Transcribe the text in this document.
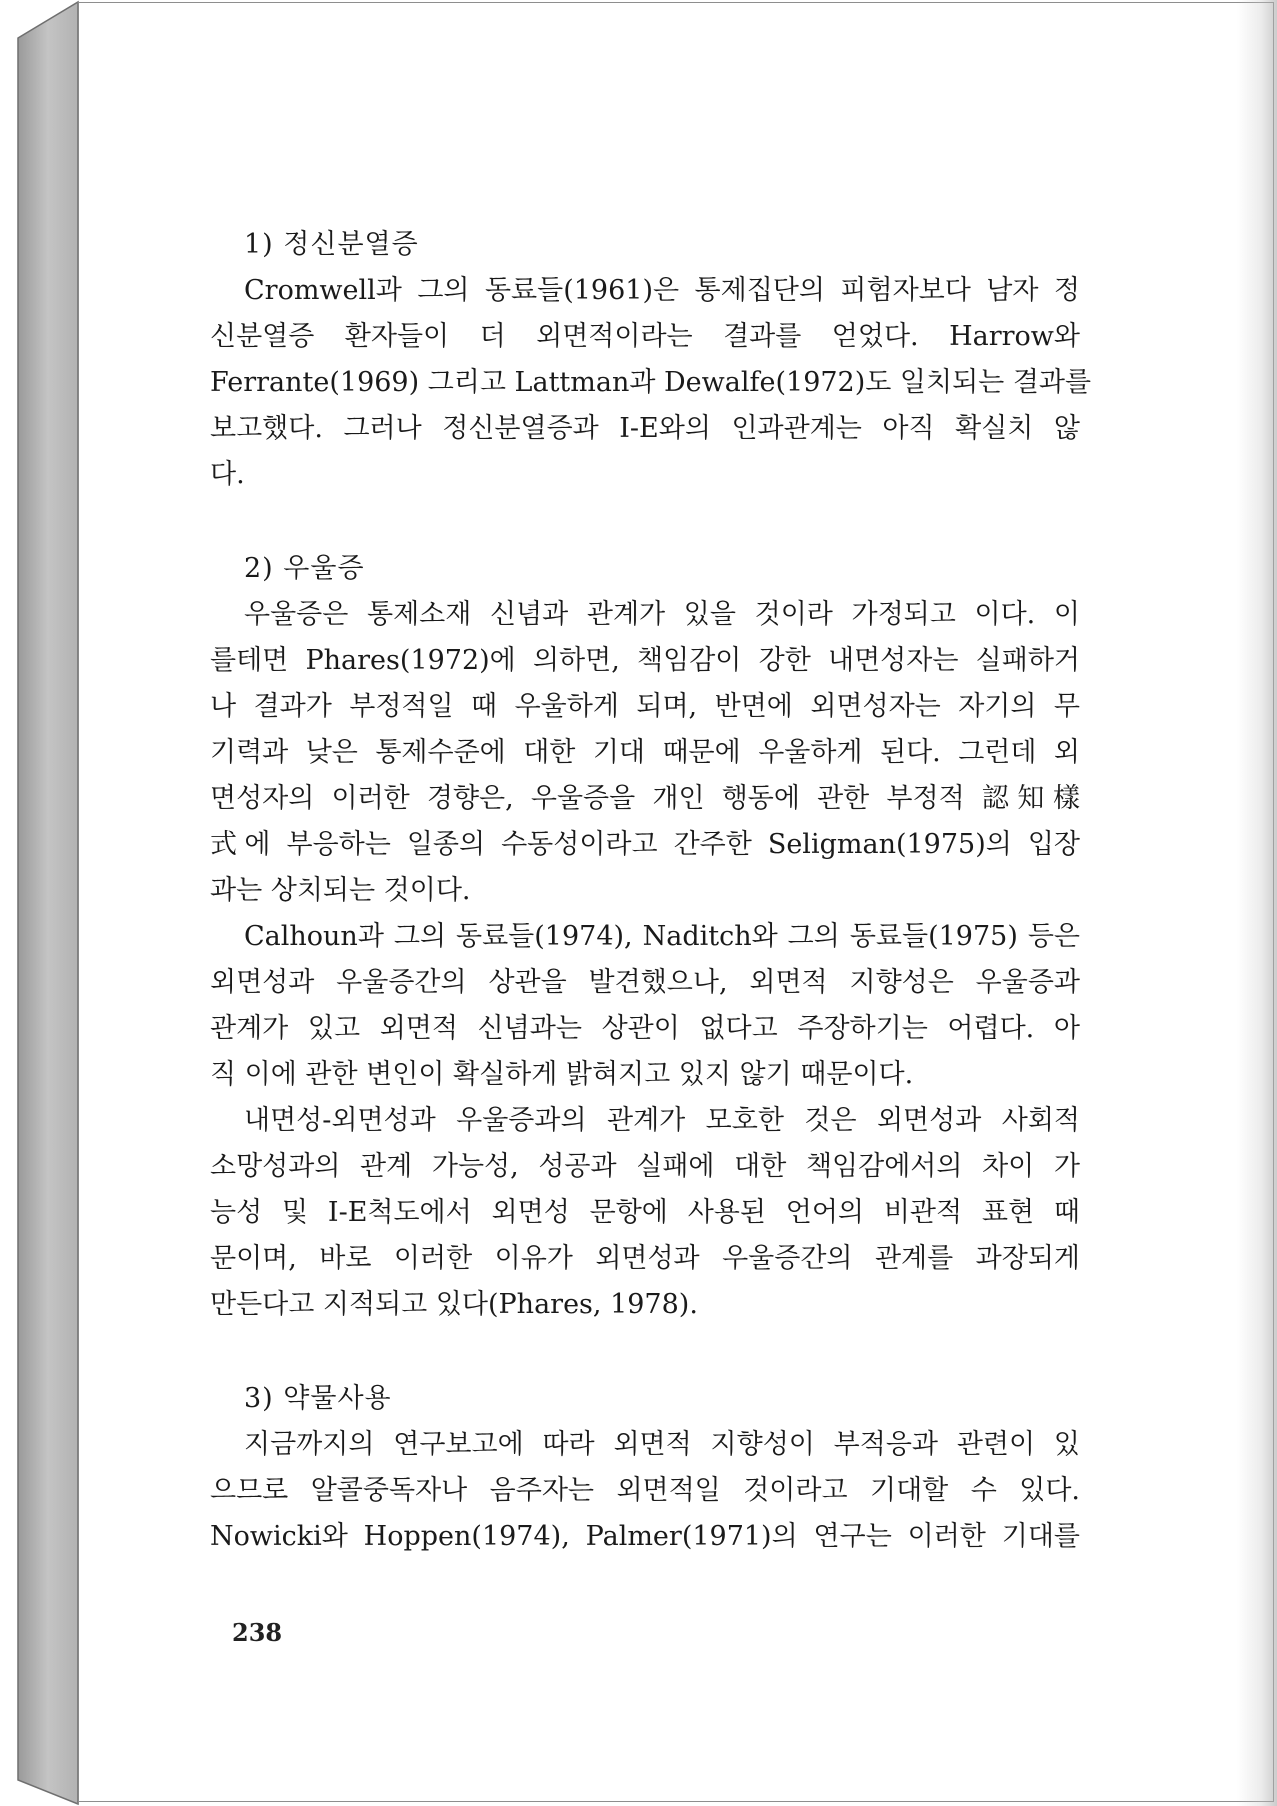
1) 정신분열증
Cromwell과 그의 동료들(1961)은 통제집단의 피험자보다 남자 정
신분열증 환자들이 더 외면적이라는 결과를 얻었다. Harrow와
Ferrante(1969) 그리고 Lattman과 Dewalfe(1972)도 일치되는 결과를
보고했다. 그러나 정신분열증과 I-E와의 인과관계는 아직 확실치 않
다.
2) 우울증
우울증은 통제소재 신념과 관계가 있을 것이라 가정되고 이다. 이
를테면 Phares(1972)에 의하면, 책임감이 강한 내면성자는 실패하거
나 결과가 부정적일 때 우울하게 되며, 반면에 외면성자는 자기의 무
기력과 낮은 통제수준에 대한 기대 때문에 우울하게 된다. 그런데 외
면성자의 이러한 경향은, 우울증을 개인 행동에 관한 부정적 認知樣
式에 부응하는 일종의 수동성이라고 간주한 Seligman(1975)의 입장
과는 상치되는 것이다.
Calhoun과 그의 동료들(1974), Naditch와 그의 동료들(1975) 등은
외면성과 우울증간의 상관을 발견했으나, 외면적 지향성은 우울증과
관계가 있고 외면적 신념과는 상관이 없다고 주장하기는 어렵다. 아
직 이에 관한 변인이 확실하게 밝혀지고 있지 않기 때문이다.
내면성-외면성과 우울증과의 관계가 모호한 것은 외면성과 사회적
소망성과의 관계 가능성, 성공과 실패에 대한 책임감에서의 차이 가
능성 및 I-E척도에서 외면성 문항에 사용된 언어의 비관적 표현 때
문이며, 바로 이러한 이유가 외면성과 우울증간의 관계를 과장되게
만든다고 지적되고 있다(Phares, 1978).
3) 약물사용
지금까지의 연구보고에 따라 외면적 지향성이 부적응과 관련이 있
으므로 알콜중독자나 음주자는 외면적일 것이라고 기대할 수 있다.
Nowicki와 Hoppen(1974), Palmer(1971)의 연구는 이러한 기대를
238
